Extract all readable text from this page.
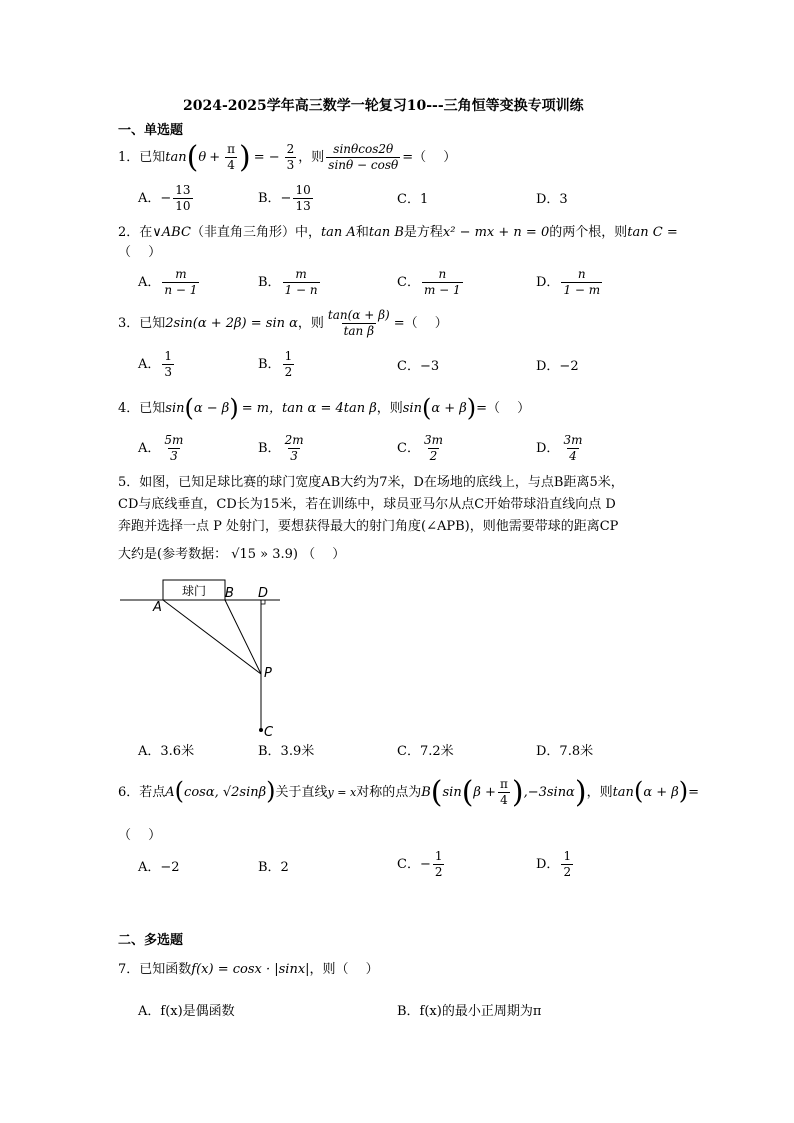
2024-2025学年高三数学一轮复习10---三角恒等变换专项训练
一、单选题
1．已知 tan ( $\theta + \frac{\pi}{4}$ ) = − $\frac{2}{3}$ ，则 $\frac{\sin\theta\cos 2\theta}{\sin\theta - \cos\theta}$ =（　 ）
A．− $\frac{13}{10}$	B．− $\frac{10}{13}$	C．1	D．3
2．在∨ABC（非直角三角形）中，tan A和tan B是方程x² − mx + n = 0的两个根，则tan C =
（　 ）
A． $\frac{m}{n - 1}$	B． $\frac{m}{1 - n}$	C． $\frac{n}{m - 1}$	D． $\frac{n}{1 - m}$
3．已知 2sin(α + 2β) = sin α ，则 $\frac{\tan(\alpha + \beta)}{\text{tan β}}$ =（　 ）
A． $\frac{1}{3}$	B． $\frac{1}{2}$	C．−3	D．−2
4．已知 sin ( α − β ) = m， tan α = 4tan β ，则 sin ( α + β ) =（　 ）
A． $\frac{5m}{3}$	B． $\frac{2m}{3}$	C． $\frac{3m}{2}$	D． $\frac{3m}{4}$
5．如图，已知足球比赛的球门宽度AB大约为7米，D在场地的底线上，与点B距离5米，
CD与底线垂直，CD长为15米，若在训练中，球员亚马尔从点C开始带球沿直线向点 D
奔跑并选择一点 P 处射门，要想获得最大的射门角度(∠APB)，则他需要带球的距离CP
大约是(参考数据： √15 » 3.9) （　 ）
球门
A
B D
P
C
A．3.6米	B．3.9米	C．7.2米	D．7.8米
6．若点 A ( cosα, √2sinβ ) 关于直线 y = x 对称的点为 B ( sin ( $\beta + \frac{\pi}{4}$ ) ,−3sinα ) ，则 tan ( α + β ) =
（　 ）
A．−2	B．2	C．− $\frac{1}{2}$	D． $\frac{1}{2}$
二、多选题
7．已知函数f(x) = cosx · |sinx|，则（　 ）
A．f(x)是偶函数	B．f(x)的最小正周期为π
